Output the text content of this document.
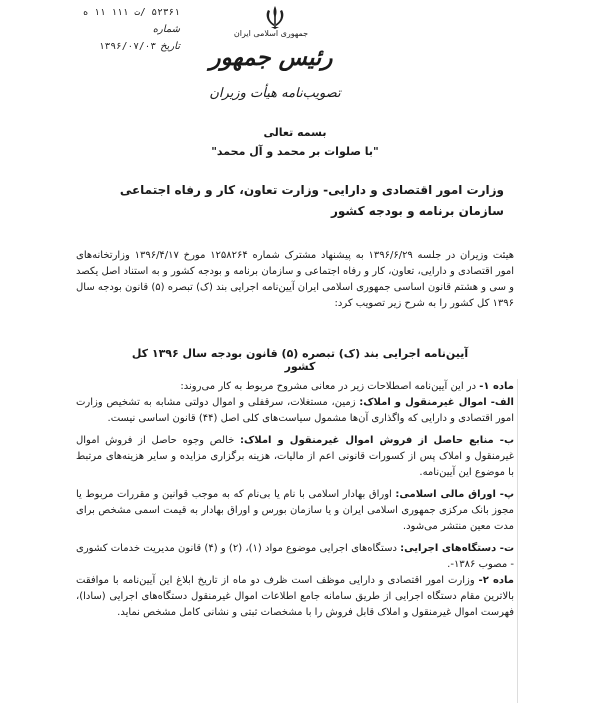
۵۲۳۶۱ /ت ۱۱۱ ۱۱ ه
شماره
تاریخ
۱۳۹۶/۰۷/۰۳
جمهوری اسلامی ایران
رئیس جمهور
تصویب‌نامه هیأت وزیران
بسمه تعالی
"با صلوات بر محمد و آل محمد"
وزارت امور اقتصادی و دارایی- وزارت تعاون، کار و رفاه اجتماعی
سازمان برنامه و بودجه کشور
هیئت وزیران در جلسه ۱۳۹۶/۶/۲۹ به پیشنهاد مشترک شماره ۱۲۵۸۲۶۴ مورخ ۱۳۹۶/۴/۱۷ وزارتخانه‌های امور اقتصادی و دارایی، تعاون، کار و رفاه اجتماعی و سازمان برنامه و بودجه کشور و به استناد اصل یکصد و سی و هشتم قانون اساسی جمهوری اسلامی ایران آیین‌نامه اجرایی بند (ک) تبصره (۵) قانون بودجه سال ۱۳۹۶ کل کشور را به شرح زیر تصویب کرد:
آیین‌نامه اجرایی بند (ک) تبصره (۵) قانون بودجه سال ۱۳۹۶ کل کشور
ماده ۱- در این آیین‌نامه اصطلاحات زیر در معانی مشروح مربوط به کار می‌روند:
الف- اموال غیرمنقول و املاک: زمین، مستغلات، سرقفلی و اموال دولتی مشابه به تشخیص وزارت امور اقتصادی و دارایی که واگذاری آن‌ها مشمول سیاست‌های کلی اصل (۴۴) قانون اساسی نیست.
ب- منابع حاصل از فروش اموال غیرمنقول و املاک: خالص وجوه حاصل از فروش اموال غیرمنقول و املاک پس از کسورات قانونی اعم از مالیات، هزینه برگزاری مزایده و سایر هزینه‌های مرتبط با موضوع این آیین‌نامه.
پ- اوراق مالی اسلامی: اوراق بهادار اسلامی با نام یا بی‌نام که به موجب قوانین و مقررات مربوط یا مجوز بانک مرکزی جمهوری اسلامی ایران و یا سازمان بورس و اوراق بهادار به قیمت اسمی مشخص برای مدت معین منتشر می‌شود.
ت- دستگاه‌های اجرایی: دستگاه‌های اجرایی موضوع مواد (۱)، (۲) و (۴) قانون مدیریت خدمات کشوری - مصوب ۱۳۸۶-.
ماده ۲- وزارت امور اقتصادی و دارایی موظف است ظرف دو ماه از تاریخ ابلاغ این آیین‌نامه با موافقت بالاترین مقام دستگاه اجرایی از طریق سامانه جامع اطلاعات اموال غیرمنقول دستگاه‌های اجرایی (سادا)، فهرست اموال غیرمنقول و املاک قابل فروش را با مشخصات ثبتی و نشانی کامل مشخص نماید.
